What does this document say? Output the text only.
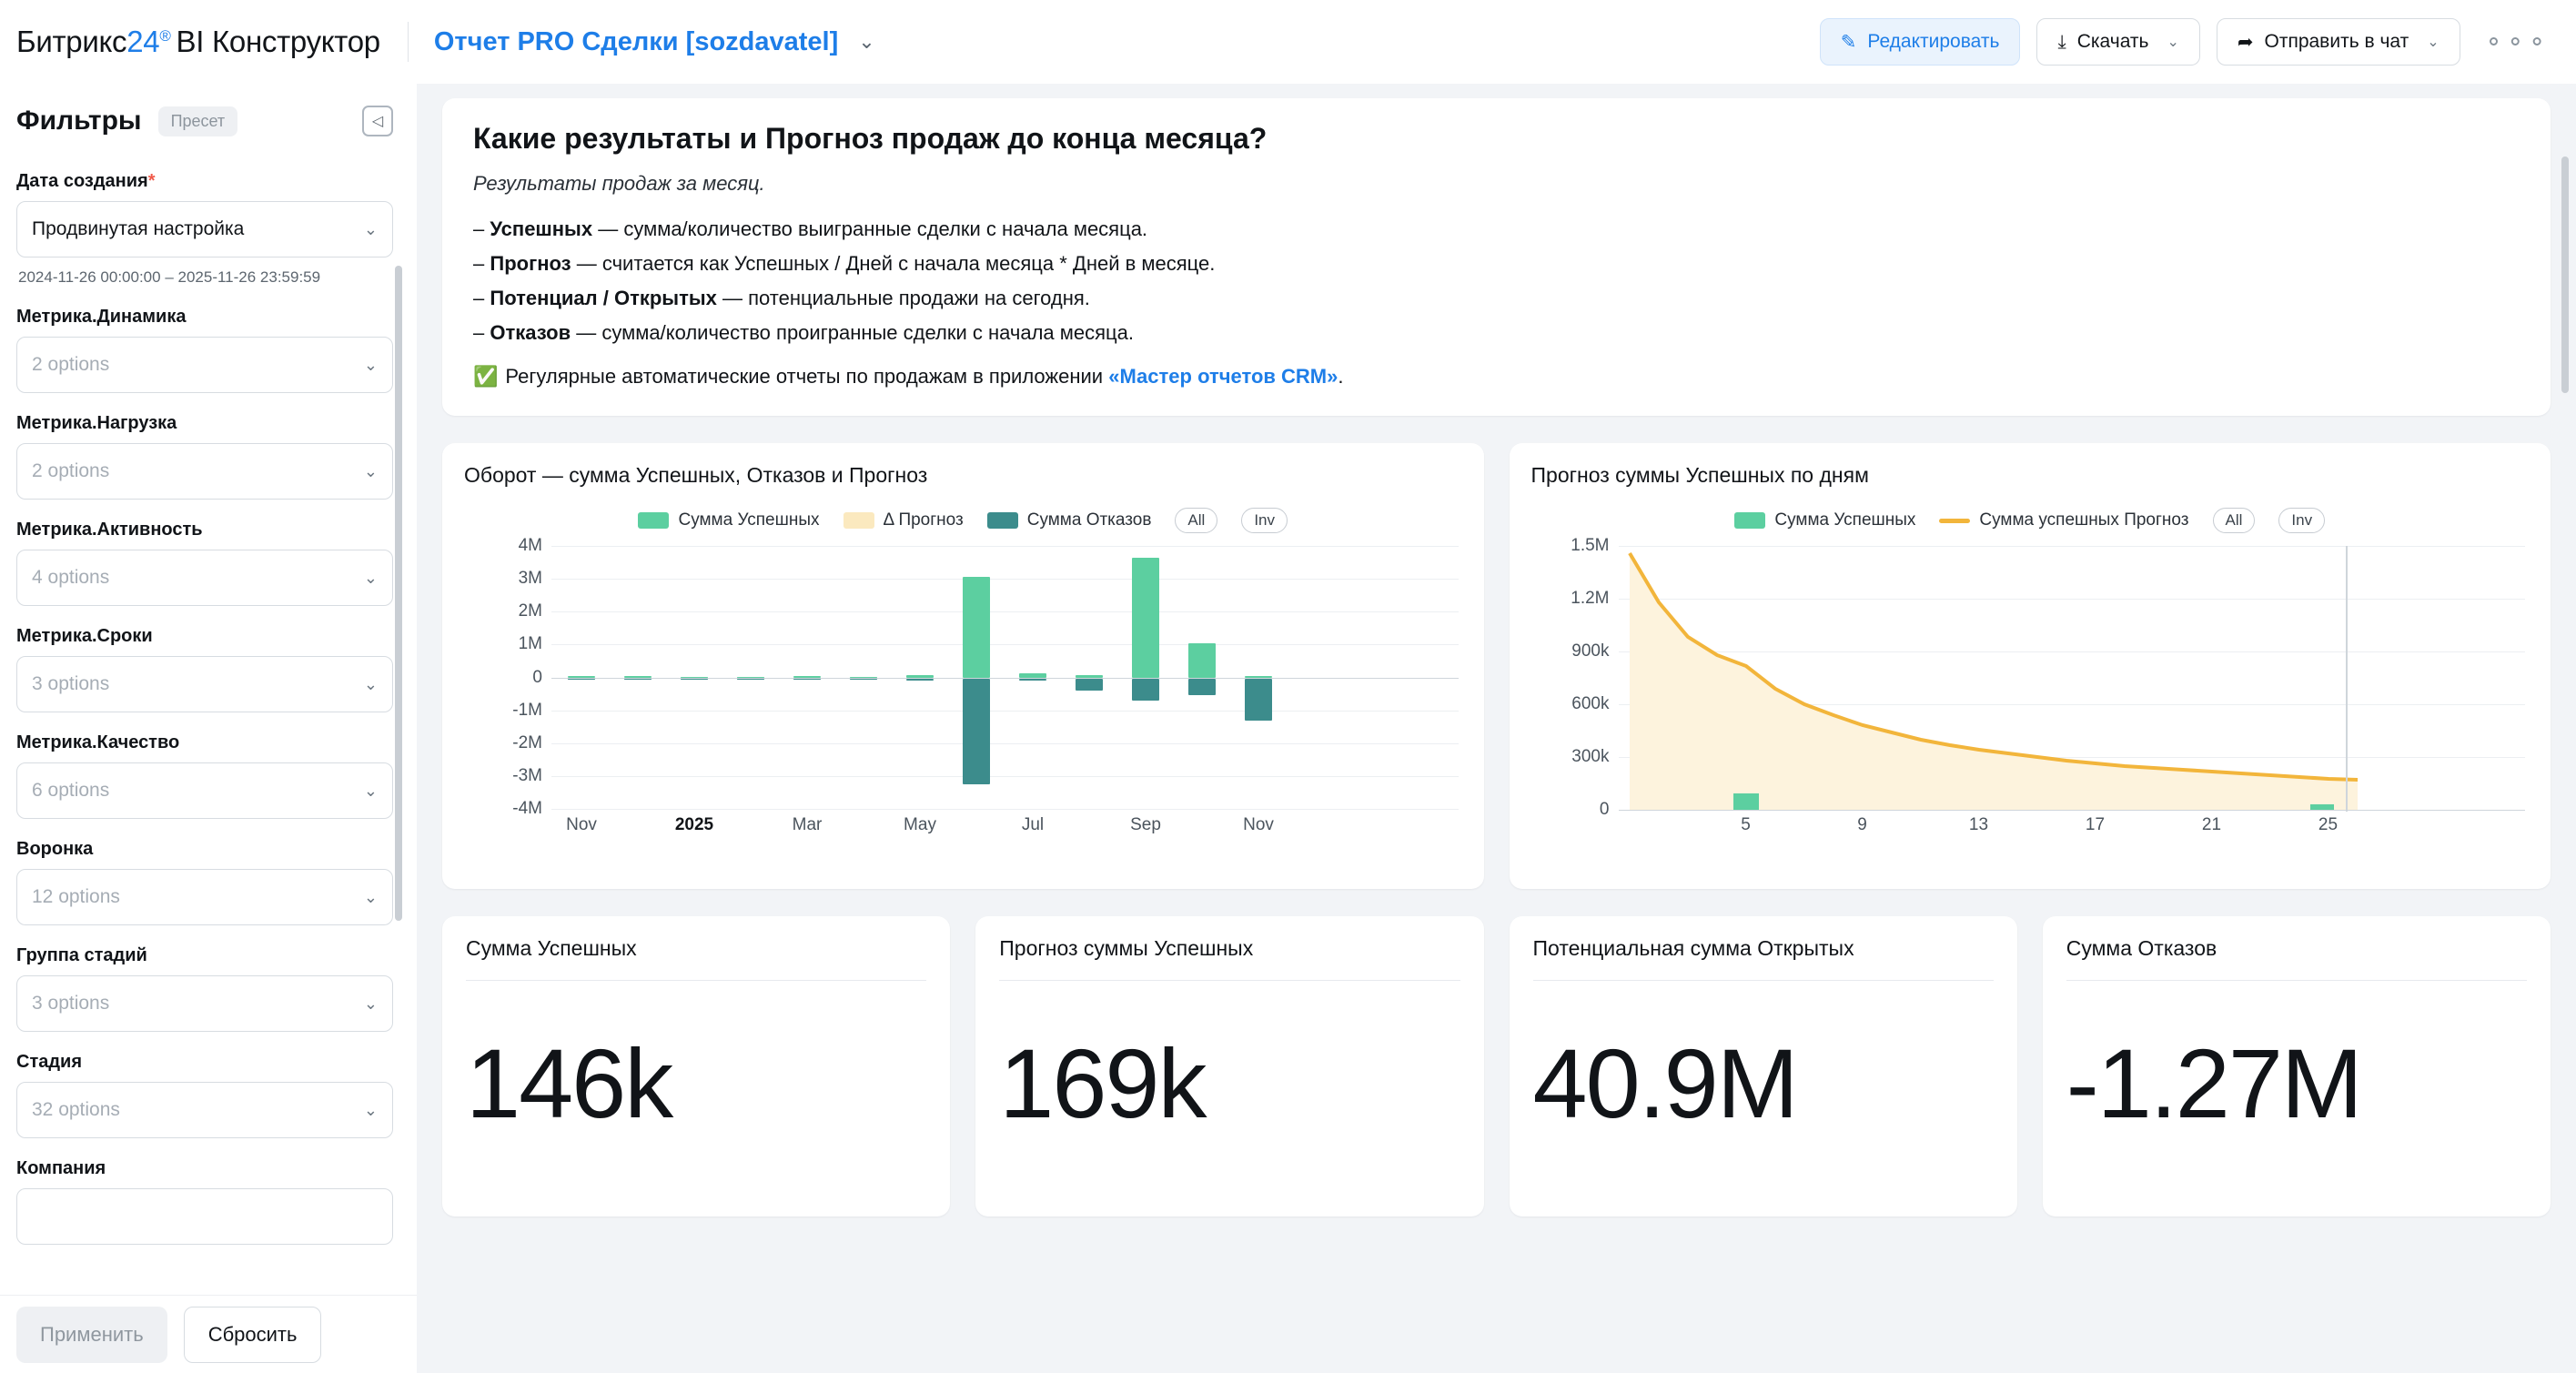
Битрикс24® BI Конструктор Отчет PRO Сделки [sozdavatel] ⌄	✎ Редактировать	⤓ Скачать ⌄	➦ Отправить в чат ⌄ ⚬⚬⚬
Фильтры	Пресет	◁
Дата создания*
Продвинутая настройка	⌄
2024-11-26 00:00:00 – 2025-11-26 23:59:59
Метрика.Динамика
2 options	⌄
Метрика.Нагрузка
2 options	⌄
Метрика.Активность
4 options	⌄
Метрика.Сроки
3 options	⌄
Метрика.Качество
6 options	⌄
Воронка
12 options	⌄
Группа стадий
3 options	⌄
Стадия
32 options	⌄
Компания
Применить	Сбросить
Какие результаты и Прогноз продаж до конца месяца?
Результаты продаж за месяц.
– Успешных — сумма/количество выигранные сделки с начала месяца.
– Прогноз — считается как Успешных / Дней с начала месяца * Дней в месяце.
– Потенциал / Открытых — потенциальные продажи на сегодня.
– Отказов — сумма/количество проигранные сделки с начала месяца.
✅ Регулярные автоматические отчеты по продажам в приложении «Мастер отчетов CRM».
Оборот — сумма Успешных, Отказов и Прогноз
Сумма Успешных	Δ Прогноз	Сумма Отказов	All	Inv
4M
3M
2M
1M
0
-1M
-2M
-3M
-4M
Nov	2025	Mar	May	Jul	Sep	Nov
Прогноз суммы Успешных по дням
Сумма Успешных	Сумма успешных Прогноз	All	Inv
1.5M
1.2M
900k
600k
300k
0
5	9	13	17	21	25
Сумма Успешных
146k
Прогноз суммы Успешных
169k
Потенциальная сумма Открытых
40.9M
Сумма Отказов
-1.27M
